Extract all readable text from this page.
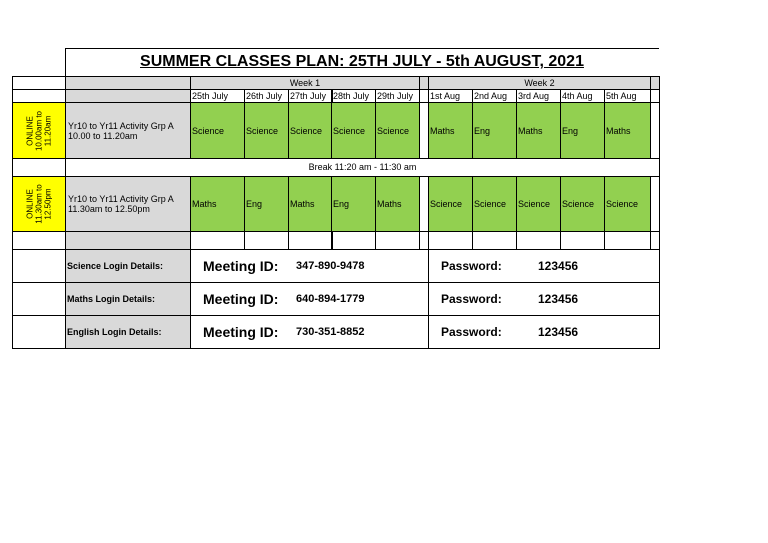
SUMMER CLASSES PLAN: 25TH JULY - 5th AUGUST, 2021
Week 1	Week 2
25th July	26th July 27th July 28th July 29th July	1st Aug	2nd Aug	3rd Aug	4th Aug	5th Aug
ONLINE 10.00am to 11.20am Yr10 to Yr11 Activity Grp A
10.00 to 11.20am	Science	Science	Science	Science	Science	Maths	Eng	Maths	Eng	Maths
Break 11:20 am - 11:30 am
ONLINE 11.30am to 12.50pm Yr10 to Yr11 Activity Grp A
11.30am to 12.50pm	Maths	Eng	Maths	Eng	Maths	Science	Science	Science	Science	Science
Science Login Details:	Meeting ID: 347-890-9478	Password:	123456
Maths Login Details:	Meeting ID: 640-894-1779	Password:	123456
English Login Details:	Meeting ID: 730-351-8852	Password:	123456
